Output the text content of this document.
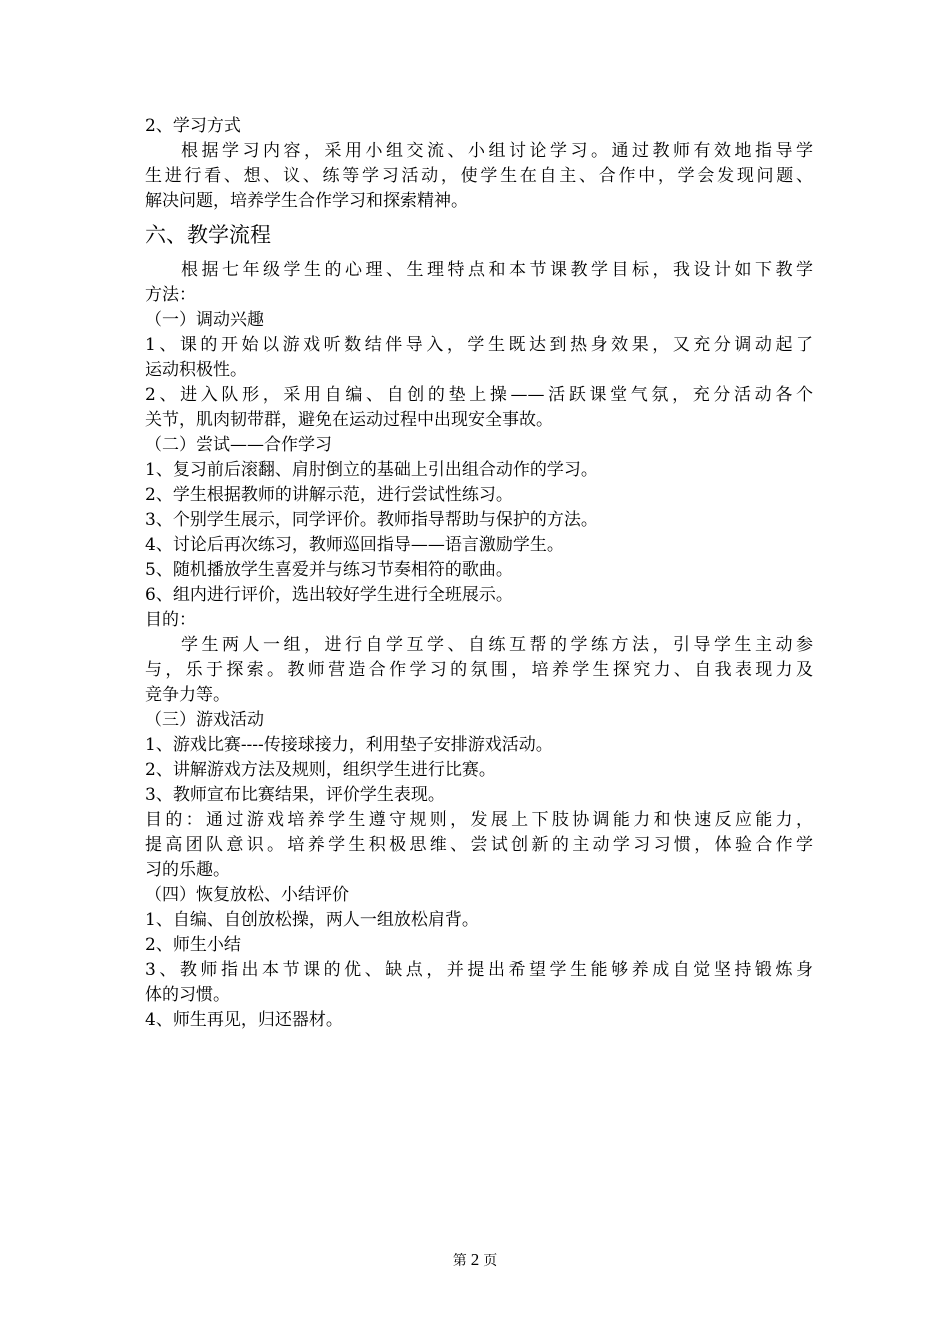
2、学习方式
根据学习内容，采用小组交流、小组讨论学习。通过教师有效地指导学
生进行看、想、议、练等学习活动，使学生在自主、合作中，学会发现问题、
解决问题，培养学生合作学习和探索精神。
六、教学流程
根据七年级学生的心理、生理特点和本节课教学目标，我设计如下教学
方法：
（一）调动兴趣
1、课的开始以游戏听数结伴导入，学生既达到热身效果，又充分调动起了
运动积极性。
2、进入队形，采用自编、自创的垫上操——活跃课堂气氛，充分活动各个
关节，肌肉韧带群，避免在运动过程中出现安全事故。
（二）尝试——合作学习
1、复习前后滚翻、肩肘倒立的基础上引出组合动作的学习。
2、学生根据教师的讲解示范，进行尝试性练习。
3、个别学生展示，同学评价。教师指导帮助与保护的方法。
4、讨论后再次练习，教师巡回指导——语言激励学生。
5、随机播放学生喜爱并与练习节奏相符的歌曲。
6、组内进行评价，选出较好学生进行全班展示。
目的：
学生两人一组，进行自学互学、自练互帮的学练方法，引导学生主动参
与，乐于探索。教师营造合作学习的氛围，培养学生探究力、自我表现力及
竞争力等。
（三）游戏活动
1、游戏比赛----传接球接力，利用垫子安排游戏活动。
2、讲解游戏方法及规则，组织学生进行比赛。
3、教师宣布比赛结果，评价学生表现。
目的：通过游戏培养学生遵守规则，发展上下肢协调能力和快速反应能力，
提高团队意识。培养学生积极思维、尝试创新的主动学习习惯，体验合作学
习的乐趣。
（四）恢复放松、小结评价
1、自编、自创放松操，两人一组放松肩背。
2、师生小结
3、教师指出本节课的优、缺点，并提出希望学生能够养成自觉坚持锻炼身
体的习惯。
4、师生再见，归还器材。
第 2 页
